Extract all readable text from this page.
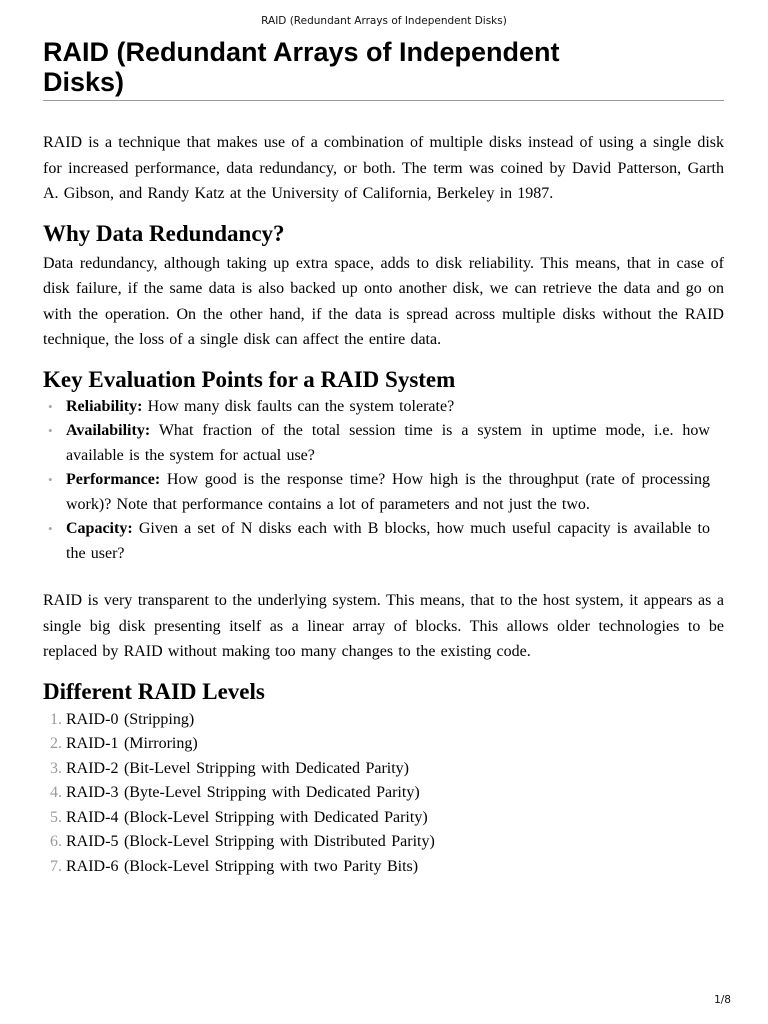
RAID (Redundant Arrays of Independent Disks)
RAID (Redundant Arrays of Independent Disks)

RAID is a technique that makes use of a combination of multiple disks instead of using a single disk for increased performance, data redundancy, or both. The term was coined by David Patterson, Garth A. Gibson, and Randy Katz at the University of California, Berkeley in 1987.

Why Data Redundancy?

Data redundancy, although taking up extra space, adds to disk reliability. This means, that in case of disk failure, if the same data is also backed up onto another disk, we can retrieve the data and go on with the operation. On the other hand, if the data is spread across multiple disks without the RAID technique, the loss of a single disk can affect the entire data.

Key Evaluation Points for a RAID System
• Reliability: How many disk faults can the system tolerate?
• Availability: What fraction of the total session time is a system in uptime mode, i.e. how available is the system for actual use?
• Performance: How good is the response time? How high is the throughput (rate of processing work)? Note that performance contains a lot of parameters and not just the two.
• Capacity: Given a set of N disks each with B blocks, how much useful capacity is available to the user?

RAID is very transparent to the underlying system. This means, that to the host system, it appears as a single big disk presenting itself as a linear array of blocks. This allows older technologies to be replaced by RAID without making too many changes to the existing code.

Different RAID Levels
1. RAID-0 (Stripping)
2. RAID-1 (Mirroring)
3. RAID-2 (Bit-Level Stripping with Dedicated Parity)
4. RAID-3 (Byte-Level Stripping with Dedicated Parity)
5. RAID-4 (Block-Level Stripping with Dedicated Parity)
6. RAID-5 (Block-Level Stripping with Distributed Parity)
7. RAID-6 (Block-Level Stripping with two Parity Bits)
1/8
